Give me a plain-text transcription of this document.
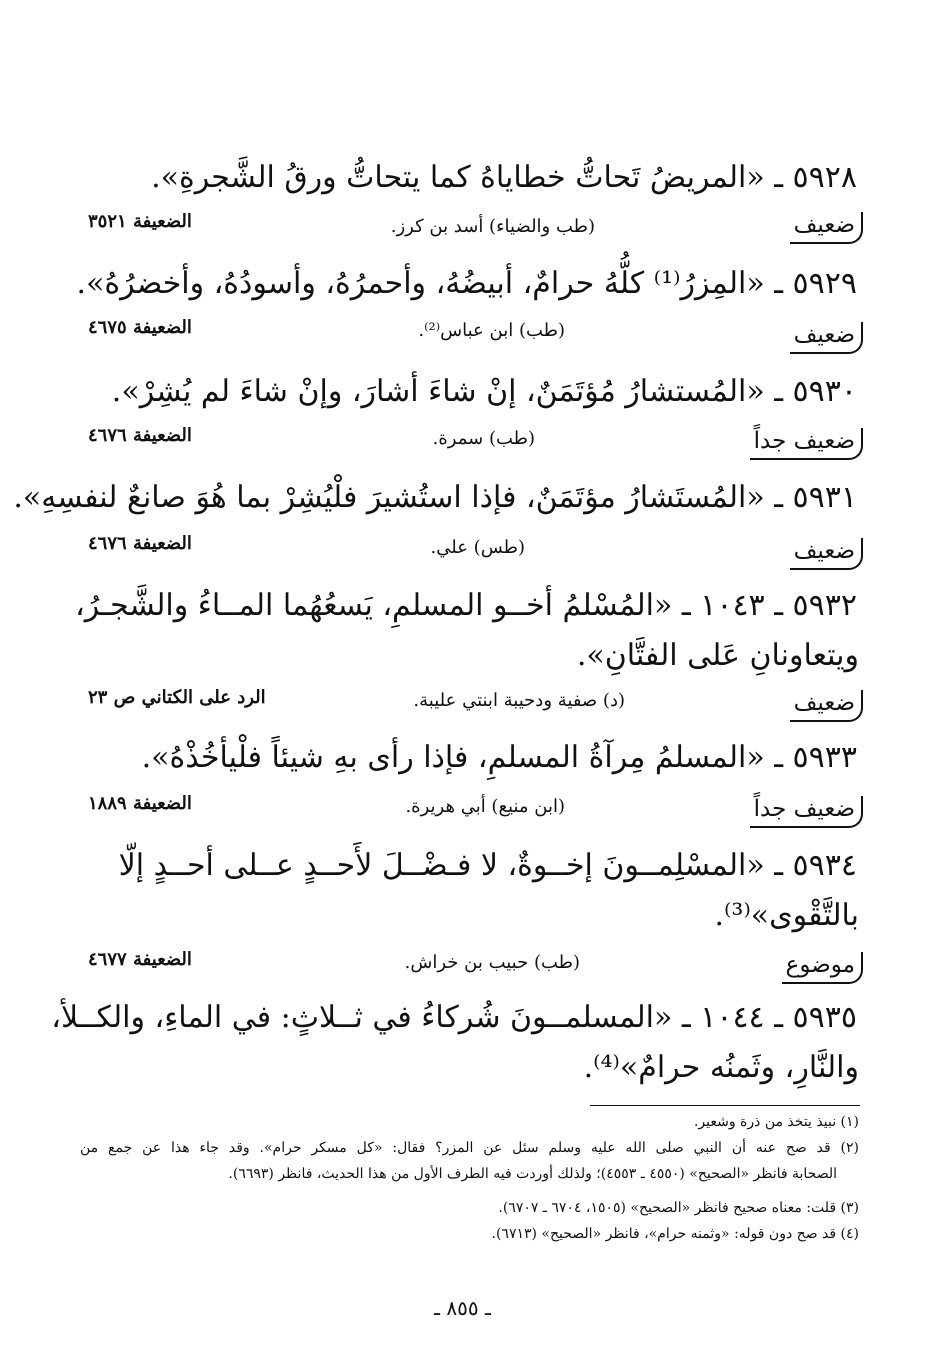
٥٩٢٨ ـ «المريضُ تَحاتُّ خطاياهُ كما يتحاتُّ ورقُ الشَّجرةِ».
ضعيف
(طب والضياء) أسد بن كرز.
الضعيفة ٣٥٢١
٥٩٢٩ ـ «المِزرُ⁽¹⁾ كلُّهُ حرامٌ، أبيضُهُ، وأحمرُهُ، وأسودُهُ، وأخضرُهُ».
ضعيف
(طب) ابن عباس⁽²⁾.
الضعيفة ٤٦٧٥
٥٩٣٠ ـ «المُستشارُ مُؤتَمَنٌ، إنْ شاءَ أشارَ، وإنْ شاءَ لم يُشِرْ».
ضعيف جداً
(طب) سمرة.
الضعيفة ٤٦٧٦
٥٩٣١ ـ «المُستَشارُ مؤتَمَنٌ، فإذا استُشيرَ فلْيُشِرْ بما هُوَ صانعٌ لنفسِهِ».
ضعيف
(طس) علي.
الضعيفة ٤٦٧٦
٥٩٣٢ ـ ١٠٤٣ ـ «المُسْلمُ أخــو المسلمِ، يَسعُهُما المــاءُ والشَّجـرُ،
ويتعاونانِ عَلى الفتَّانِ».
ضعيف
(د) صفية ودحيبة ابنتي عليبة.
الرد على الكتاني ص ٢٣
٥٩٣٣ ـ «المسلمُ مِرآةُ المسلمِ، فإذا رأى بهِ شيئاً فلْيأخُذْهُ».
ضعيف جداً
(ابن منيع) أبي هريرة.
الضعيفة ١٨٨٩
٥٩٣٤ ـ «المسْلِمــونَ إخــوةٌ، لا فـضْــلَ لأَحــدٍ عــلى أحــدٍ إلّا
بالتَّقْوى»⁽³⁾.
موضوع
(طب) حبيب بن خراش.
الضعيفة ٤٦٧٧
٥٩٣٥ ـ ١٠٤٤ ـ «المسلمــونَ شُركاءُ في ثــلاثٍ: في الماءِ، والكــلأ،
والنَّارِ، وثَمنُه حرامٌ»⁽⁴⁾.
(١) نبيذ يتخذ من ذرة وشعير.
(٢) قد صح عنه أن النبي صلى الله عليه وسلم سئل عن المزر؟ فقال: «كل مسكر حرام». وقد جاء هذا عن جمع من
الصحابة فانظر «الصحيح» (٤٥٥٠ ـ ٤٥٥٣)؛ ولذلك أوردت فيه الطرف الأول من هذا الحديث، فانظر (٦٦٩٣).
(٣) قلت: معناه صحيح فانظر «الصحيح» (١٥٠٥، ٦٧٠٤ ـ ٦٧٠٧).
(٤) قد صح دون قوله: «وثمنه حرام»، فانظر «الصحيح» (٦٧١٣).
ـ ٨٥٥ ـ
